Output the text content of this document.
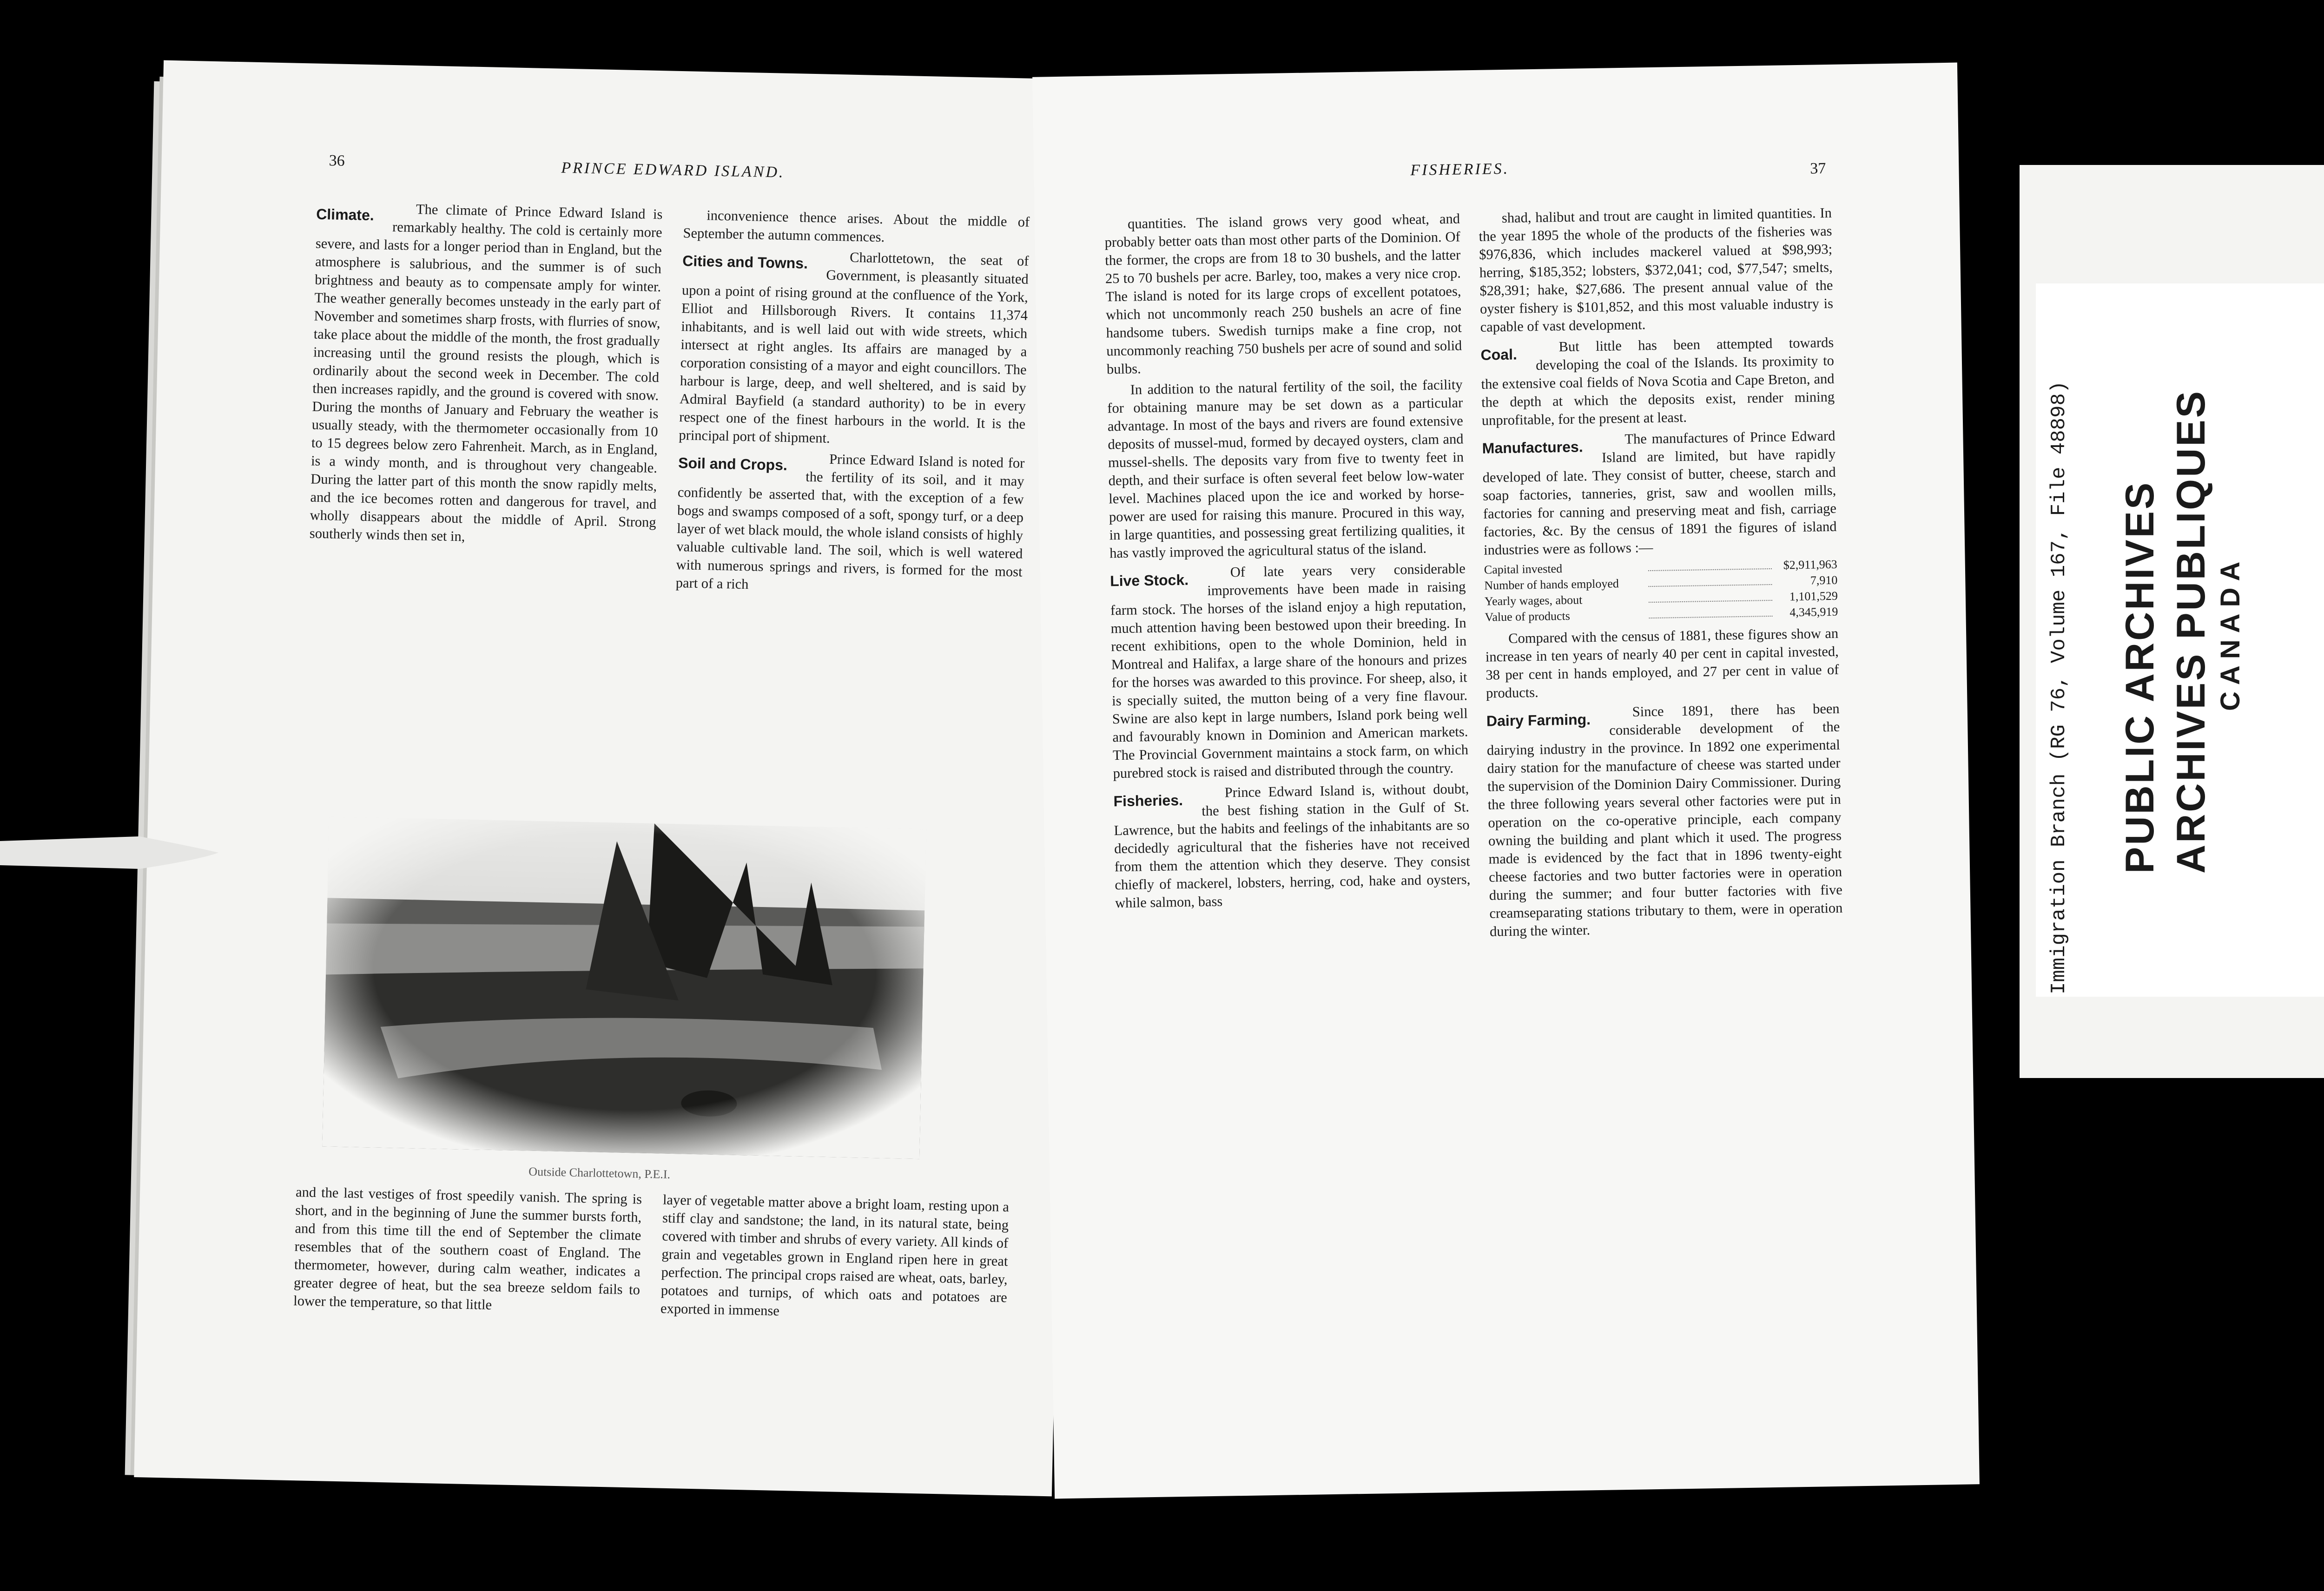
36	PRINCE EDWARD ISLAND.

Climate.	The climate of Prince Edward Island is remarkably healthy. The cold is certainly more severe, and lasts for a longer period than in England, but the atmosphere is salubrious, and the summer is of such brightness and beauty as to compensate amply for winter. The weather generally becomes unsteady in the early part of November and sometimes sharp frosts, with flurries of snow, take place about the middle of the month, the frost gradually increasing until the ground resists the plough, which is ordinarily about the second week in December. The cold then increases rapidly, and the ground is covered with snow. During the months of January and February the weather is usually steady, with the thermometer occasionally from 10 to 15 degrees below zero Fahrenheit. March, as in England, is a windy month, and is throughout very changeable. During the latter part of this month the snow rapidly melts, and the ice becomes rotten and dangerous for travel, and wholly disappears about the middle of April. Strong southerly winds then set in,

inconvenience thence arises. About the middle of September the autumn commences.

Cities and Towns.	Charlottetown, the seat of Government, is pleasantly situated upon a point of rising ground at the confluence of the York, Elliot and Hillsborough Rivers. It contains 11,374 inhabitants, and is well laid out with wide streets, which intersect at right angles. Its affairs are managed by a corporation consisting of a mayor and eight councillors. The harbour is large, deep, and well sheltered, and is said by Admiral Bayfield (a standard authority) to be in every respect one of the finest harbours in the world. It is the principal port of shipment.

Soil and Crops.	Prince Edward Island is noted for the fertility of its soil, and it may confidently be asserted that, with the exception of a few bogs and swamps composed of a soft, spongy turf, or a deep layer of wet black mould, the whole island consists of highly valuable cultivable land. The soil, which is well watered with numerous springs and rivers, is formed for the most part of a rich

Outside Charlottetown, P.E.I.

and the last vestiges of frost speedily vanish. The spring is short, and in the beginning of June the summer bursts forth, and from this time till the end of September the climate resembles that of the southern coast of England. The thermometer, however, during calm weather, indicates a greater degree of heat, but the sea breeze seldom fails to lower the temperature, so that little

layer of vegetable matter above a bright loam, resting upon a stiff clay and sandstone; the land, in its natural state, being covered with timber and shrubs of every variety. All kinds of grain and vegetables grown in England ripen here in great perfection. The principal crops raised are wheat, oats, barley, potatoes and turnips, of which oats and potatoes are exported in immense

FISHERIES.	37

quantities. The island grows very good wheat, and probably better oats than most other parts of the Dominion. Of the former, the crops are from 18 to 30 bushels, and the latter 25 to 70 bushels per acre. Barley, too, makes a very nice crop. The island is noted for its large crops of excellent potatoes, which not uncommonly reach 250 bushels an acre of fine handsome tubers. Swedish turnips make a fine crop, not uncommonly reaching 750 bushels per acre of sound and solid bulbs.

In addition to the natural fertility of the soil, the facility for obtaining manure may be set down as a particular advantage. In most of the bays and rivers are found extensive deposits of mussel-mud, formed by decayed oysters, clam and mussel-shells. The deposits vary from five to twenty feet in depth, and their surface is often several feet below low-water level. Machines placed upon the ice and worked by horse-power are used for raising this manure. Procured in this way, in large quantities, and possessing great fertilizing qualities, it has vastly improved the agricultural status of the island.

Live Stock.
Of late years very considerable improvements have been made in raising farm stock. The horses of the island enjoy a high reputation, much attention having been bestowed upon their breeding. In recent exhibitions, open to the whole Dominion, held in Montreal and Halifax, a large share of the honours and prizes for the horses was awarded to this province. For sheep, also, it is specially suited, the mutton being of a very fine flavour. Swine are also kept in large numbers, Island pork being well and favourably known in Dominion and American markets. The Provincial Government maintains a stock farm, on which purebred stock is raised and distributed through the country.

Fisheries.
Prince Edward Island is, without doubt, the best fishing station in the Gulf of St. Lawrence, but the habits and feelings of the inhabitants are so decidedly agricultural that the fisheries have not received from them the attention which they deserve. They consist chiefly of mackerel, lobsters, herring, cod, hake and oysters, while salmon, bass

shad, halibut and trout are caught in limited quantities. In the year 1895 the whole of the products of the fisheries was $976,836, which includes mackerel valued at $98,993; herring, $185,352; lobsters, $372,041; cod, $77,547; smelts, $28,391; hake, $27,686. The present annual value of the oyster fishery is $101,852, and this most valuable industry is capable of vast development.

Coal.
But little has been attempted towards developing the coal of the Islands. Its proximity to the extensive coal fields of Nova Scotia and Cape Breton, and the depth at which the deposits exist, render mining unprofitable, for the present at least.

Manufactures.
The manufactures of Prince Edward Island are limited, but have rapidly developed of late. They consist of butter, cheese, starch and soap factories, tanneries, grist, saw and woollen mills, factories for canning and preserving meat and fish, carriage factories, &c. By the census of 1891 the figures of island industries were as follows :—

Capital invested		$2,911,963
Number of hands employed		7,910
Yearly wages, about		1,101,529
Value of products		4,345,919

Compared with the census of 1881, these figures show an increase in ten years of nearly 40 per cent in capital invested, 38 per cent in hands employed, and 27 per cent in value of products.

Dairy Farming.
Since 1891, there has been considerable development of the dairying industry in the province. In 1892 one experimental dairy station for the manufacture of cheese was started under the supervision of the Dominion Dairy Commissioner. During the three following years several other factories were put in operation on the co-operative principle, each company owning the building and plant which it used. The progress made is evidenced by the fact that in 1896 twenty-eight cheese factories and two butter factories were in operation during the summer; and four butter factories with five creamseparating stations tributary to them, were in operation during the winter.	Immigration Branch (RG 76, Volume 167, File 48898) PUBLIC ARCHIVES ARCHIVES PUBLIQUES CANADA
